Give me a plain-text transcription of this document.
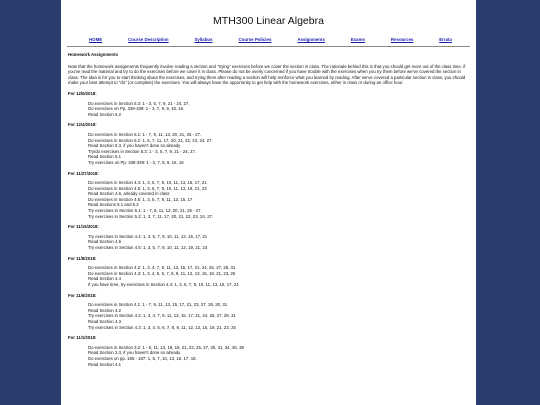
MTH300 Linear Algebra
HOME	Course Description	Syllabus	Course Policies	Assignments	Exams	Resources	Errata
Homework Assignments
Note that the homework assignments frequently involve reading a section and "trying" exercises before we cover the section in class. The rationale behind this is that you should get more out of the class time, if you've read the material and try to do the exercises before we cover it in class. Please do not be overly concerned if you have trouble with the exercises when you try them before we've covered the section in class. The idea is for you to start thinking about the exercises, and trying them after reading a section will help reinforce what you learned by reading. After we've covered a particular section in class, you should make your best attempt to "do" (or complete) the exercises. You will always have the opportunity to get help with the homework exercises, either in class or during an office hour.
For 12/6/2018:
Do exercises in Section 5.3: 1 - 3, 5, 7, 9, 21 - 24, 27.
Do exercises on Pp. 338-339: 1 - 3, 7, 8, 9, 15, 16.
Read Section 6.2
For 12/4/2018:
Do exercises in Section 5.1: 1 - 7, 9, 11, 13, 20, 21, 25 - 27.
Do exercises in Section 5.2: 1, 5, 7, 11, 17, 20, 21, 22, 23, 24, 27.
Read Section 5.3, if you haven't done so already
Try/do exercises in Section 5.3: 1 - 3, 5, 7, 9, 21 - 24, 27.
Read Section 6.1
Try exercises on Pp. 338-339: 1 - 3, 7, 8, 9, 15, 16
For 11/27/2018:
Do exercises in Section 4.4: 1, 3, 5, 7, 9, 10, 11, 13, 15, 17, 21
Do exercises in Section 4.5: 1, 3, 5, 7, 9, 10, 11, 13, 19, 21, 23
Read Section 4.6, already covered in class
Do exercises in Section 4.6: 1, 3, 5, 7, 9, 11, 13, 15, 17
Read Sections 5.1 and 5.2
Try exercises in Section 5.1: 1 - 7, 9, 11, 13, 20, 21, 25 - 27.
Try exercises in Section 5.2: 1, 3, 7, 11, 17, 20, 21, 22, 23, 24, 27.
For 11/15/2018:
Try exercises in Section 4.4: 1, 3, 5, 7, 9, 10, 11, 13, 15, 17, 21
Read Section 4.5
Try exercises in Section 4.5: 1, 3, 5, 7, 9, 10, 11, 13, 19, 21, 23
For 11/8/2018:
Do exercises in Section 4.2: 1, 3, 4, 7, 9, 11, 13, 15, 17, 21, 24, 25, 27, 28, 31
Do exercises in Section 4.3: 1, 3, 4, 5, 6, 7, 8, 9, 11, 12, 13, 15, 19, 21, 23, 25
Read Section 4.4
If you have time, try exercises in Section 4.4: 1, 3, 5, 7, 9, 10, 11, 13, 15, 17, 21
For 11/6/2018:
Do exercises in Section 4.1: 1 - 7, 9, 11, 13, 15, 17, 21, 23, 27, 28, 30, 31
Read Section 4.2
Try exercises in Section 4.2: 1, 3, 4, 7, 9, 11, 13, 15, 17, 21, 24, 25, 27, 28, 31
Read Section 4.3
Try exercises in Section 4.3: 1, 3, 4, 5, 6, 7, 8, 9, 11, 12, 13, 15, 19, 21, 23, 25
For 11/1/2018:
Do exercises in Section 3.2: 1 - 5, 11, 13, 18, 19, 21, 22, 25, 27, 30, 31, 34, 36, 39
Read Section 3.3, if you haven't done so already
Do exercises on pp. 186 - 187: 1, 5, 7, 10, 13, 15, 17, 18.
Read Section 4.1
